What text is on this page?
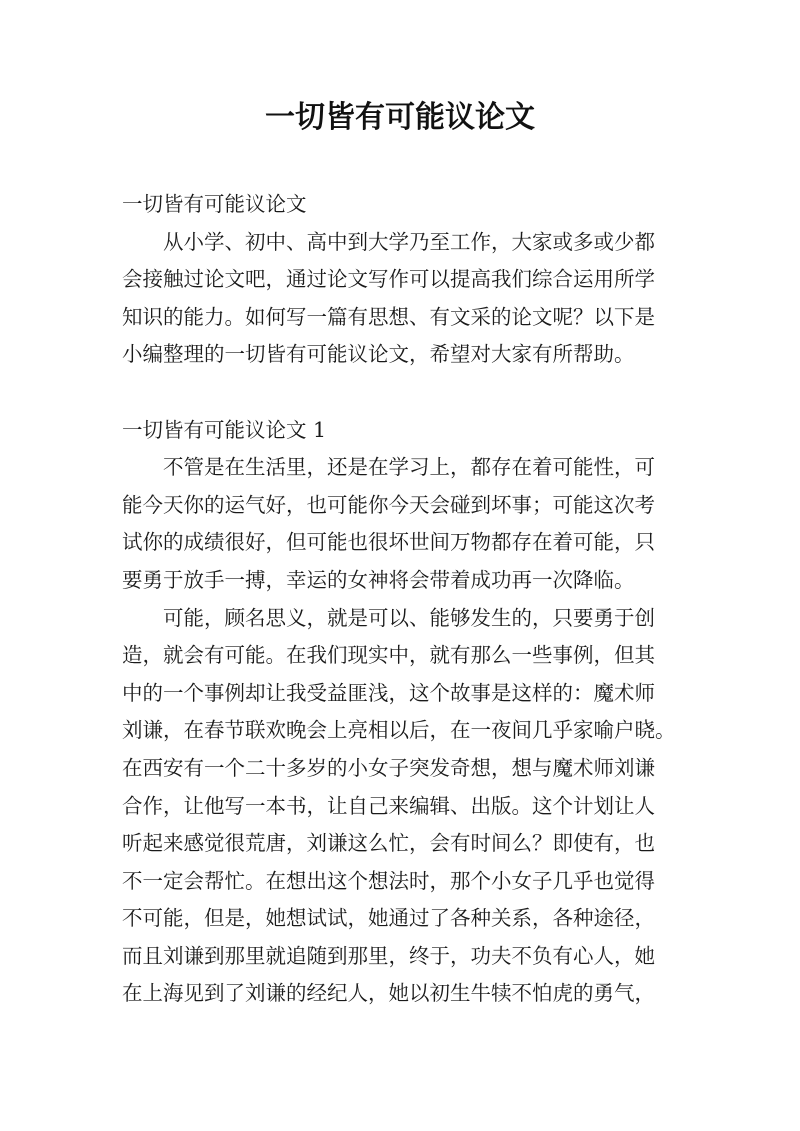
一切皆有可能议论文
一切皆有可能议论文
从小学、初中、高中到大学乃至工作，大家或多或少都
会接触过论文吧，通过论文写作可以提高我们综合运用所学
知识的能力。如何写一篇有思想、有文采的论文呢？以下是
小编整理的一切皆有可能议论文，希望对大家有所帮助。
一切皆有可能议论文 1
不管是在生活里，还是在学习上，都存在着可能性，可
能今天你的运气好，也可能你今天会碰到坏事；可能这次考
试你的成绩很好，但可能也很坏世间万物都存在着可能，只
要勇于放手一搏，幸运的女神将会带着成功再一次降临。
可能，顾名思义，就是可以、能够发生的，只要勇于创
造，就会有可能。在我们现实中，就有那么一些事例，但其
中的一个事例却让我受益匪浅，这个故事是这样的：魔术师
刘谦，在春节联欢晚会上亮相以后，在一夜间几乎家喻户晓。
在西安有一个二十多岁的小女子突发奇想，想与魔术师刘谦
合作，让他写一本书，让自己来编辑、出版。这个计划让人
听起来感觉很荒唐，刘谦这么忙，会有时间么？即使有，也
不一定会帮忙。在想出这个想法时，那个小女子几乎也觉得
不可能，但是，她想试试，她通过了各种关系，各种途径，
而且刘谦到那里就追随到那里，终于，功夫不负有心人，她
在上海见到了刘谦的经纪人，她以初生牛犊不怕虎的勇气，
